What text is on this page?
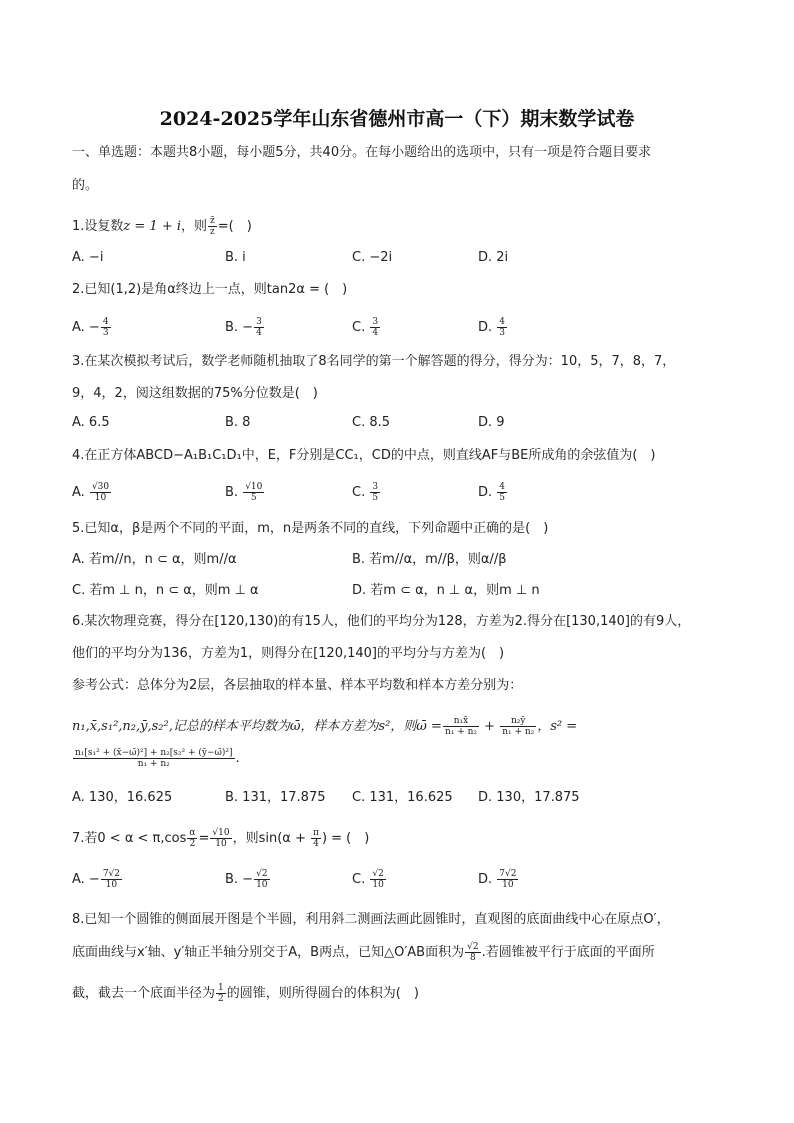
2024-2025学年山东省德州市高一（下）期末数学试卷
一、单选题：本题共8小题，每小题5分，共40分。在每小题给出的选项中，只有一项是符合题目要求
的。
1.设复数z = 1 + i，则 $\frac{z̄}{z}$ =(　)
A. −i	B. i	C. −2i	D. 2i
2.已知(1,2)是角α终边上一点，则tan2α = (　)
A. − $\frac{4}{3}$	B. − $\frac{3}{4}$	C. $\frac{3}{4}$	D. $\frac{4}{3}$
3.在某次模拟考试后，数学老师随机抽取了8名同学的第一个解答题的得分，得分为：10，5，7，8，7，
9，4，2，阅这组数据的75%分位数是(　)
A. 6.5	B. 8	C. 8.5	D. 9
4.在正方体ABCD−A₁B₁C₁D₁中，E，F分别是CC₁，CD的中点，则直线AF与BE所成角的余弦值为(　)
A. $\frac{√30}{10}$	B. $\frac{√10}{5}$	C. $\frac{3}{5}$	D. $\frac{4}{5}$
5.已知α，β是两个不同的平面，m，n是两条不同的直线，下列命题中正确的是(　)
A. 若m//n，n ⊂ α，则m//α	B. 若m//α，m//β，则α//β
C. 若m ⊥ n，n ⊂ α，则m ⊥ α	D. 若m ⊂ α，n ⊥ α，则m ⊥ n
6.某次物理竞赛，得分在[120,130)的有15人，他们的平均分为128，方差为2.得分在[130,140]的有9人，
他们的平均分为136，方差为1，则得分在[120,140]的平均分与方差为(　)
参考公式：总体分为2层，各层抽取的样本量、样本平均数和样本方差分别为：
n₁,x̄,s₁²,n₂,ȳ,s₂²,记总的样本平均数为ω̄，样本方差为s²，则ω̄ = $\frac{\text{n₁x̄}}{\text{n₁ + n₂}} + \frac{\text{n₂ȳ}}{\text{n₁ + n₂}}$ ，s² =
$\frac{\text{n₁[s₁² + (x̄−ω̄)²] + n₂[s₂² + (ȳ−ω̄)²]}}{\text{n₁ + n₂}}$ .
A. 130，16.625	B. 131，17.875 C. 131，16.625 D. 130，17.875
7.若$0 < \alpha < \pi,\cos \frac{\alpha}{2} = \frac{√10}{10}$ ，则$\sin(\alpha + \frac{\pi}{4}$ ) = (　)
A. − $\frac{7√2}{10}$	B. − $\frac{√2}{10}$	C. $\frac{√2}{10}$	D. $\frac{7√2}{10}$
8.已知一个圆锥的侧面展开图是个半圆，利用斜二测画法画此圆锥时，直观图的底面曲线中心在原点O′，
底面曲线与x′轴、y′轴正半轴分别交于A，B两点，已知△O′AB面积为 $\frac{√2}{8}$ .若圆锥被平行于底面的平面所
截，截去一个底面半径为 $\frac{1}{2}$ 的圆锥，则所得圆台的体积为(　)
